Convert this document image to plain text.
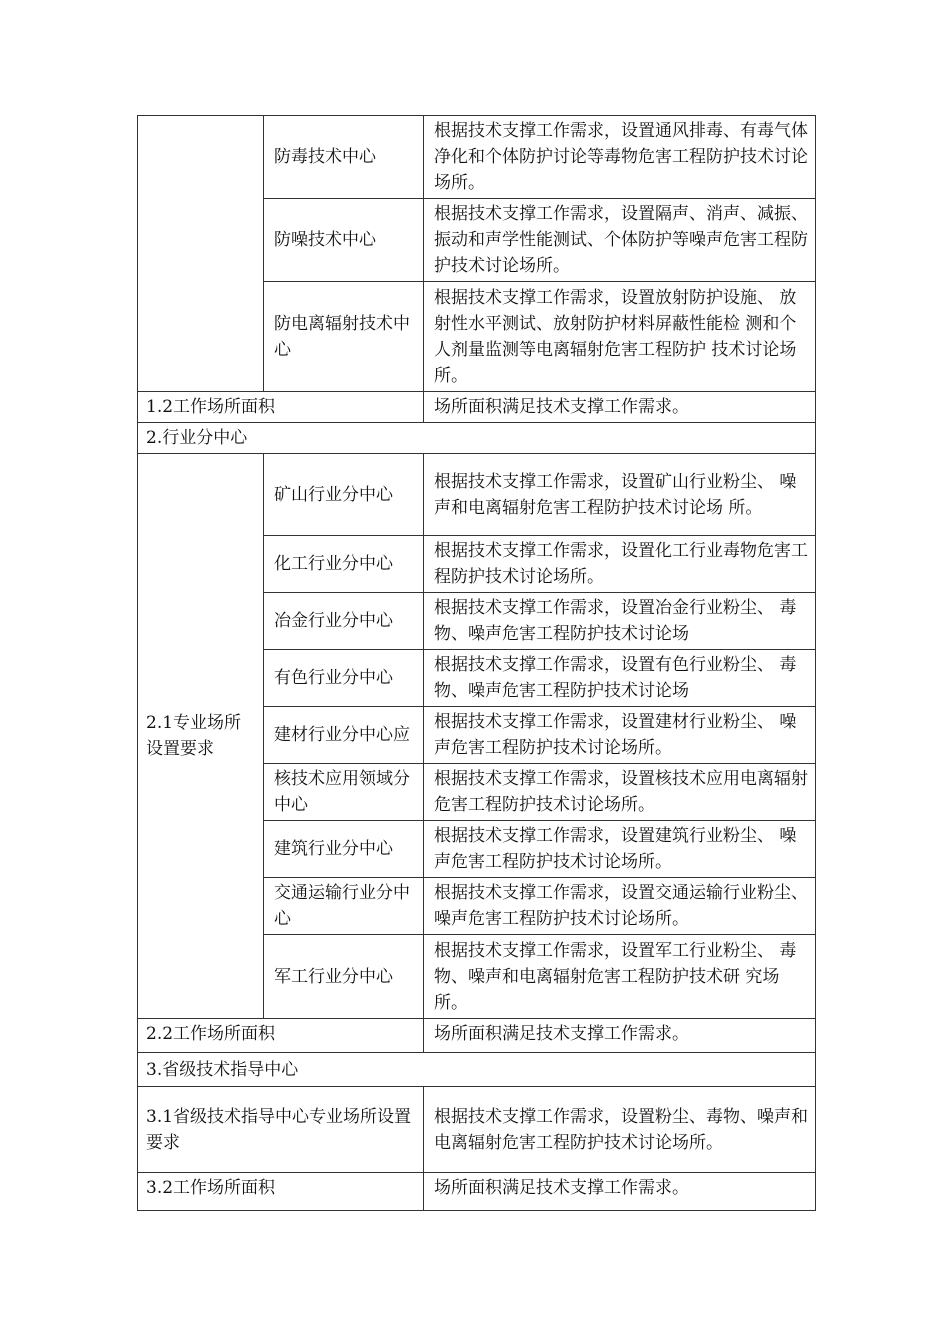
	防毒技术中心	根据技术支撑工作需求，设置通风排毒、有毒气体净化和个体防护讨论等毒物危害工程防护技术讨论场所。
	防噪技术中心	根据技术支撑工作需求，设置隔声、消声、减振、振动和声学性能测试、个体防护等噪声危害工程防护技术讨论场所。
	防电离辐射技术中心	根据技术支撑工作需求，设置放射防护设施、 放射性水平测试、放射防护材料屏蔽性能检 测和个人剂量监测等电离辐射危害工程防护 技术讨论场所。
1.2工作场所面积		场所面积满足技术支撑工作需求。
2.行业分中心		
2.1专业场所设置要求	矿山行业分中心	根据技术支撑工作需求，设置矿山行业粉尘、 噪声和电离辐射危害工程防护技术讨论场 所。
	化工行业分中心	根据技术支撑工作需求，设置化工行业毒物危害工程防护技术讨论场所。
	冶金行业分中心	根据技术支撑工作需求，设置冶金行业粉尘、 毒物、噪声危害工程防护技术讨论场
	有色行业分中心	根据技术支撑工作需求，设置有色行业粉尘、 毒物、噪声危害工程防护技术讨论场
	建材行业分中心应	根据技术支撑工作需求，设置建材行业粉尘、 噪声危害工程防护技术讨论场所。
	核技术应用领域分中心	根据技术支撑工作需求，设置核技术应用电离辐射危害工程防护技术讨论场所。
	建筑行业分中心	根据技术支撑工作需求，设置建筑行业粉尘、 噪声危害工程防护技术讨论场所。
	交通运输行业分中心	根据技术支撑工作需求，设置交通运输行业粉尘、噪声危害工程防护技术讨论场所。
	军工行业分中心	根据技术支撑工作需求，设置军工行业粉尘、 毒物、噪声和电离辐射危害工程防护技术研 究场所。
2.2工作场所面积		场所面积满足技术支撑工作需求。
3.省级技术指导中心		
3.1省级技术指导中心专业场所设置要求		根据技术支撑工作需求，设置粉尘、毒物、噪声和电离辐射危害工程防护技术讨论场所。
3.2工作场所面积		场所面积满足技术支撑工作需求。
